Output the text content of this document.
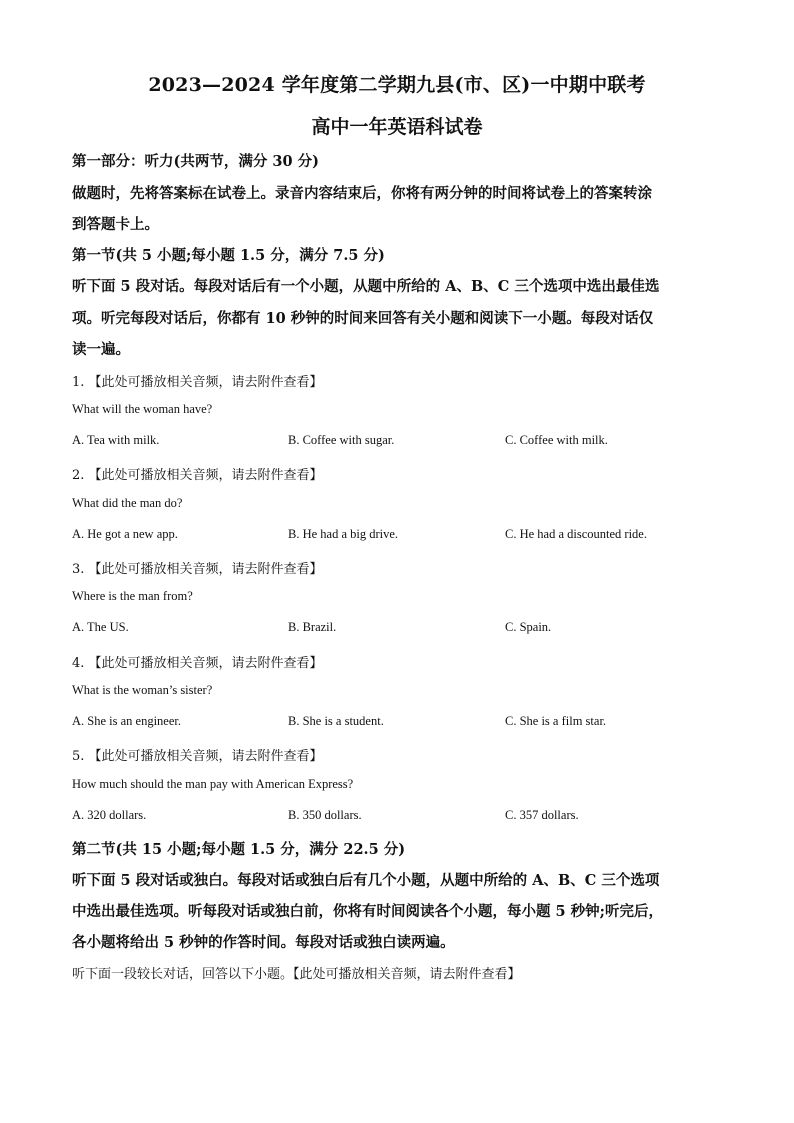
2023—2024 学年度第二学期九县(市、区)一中期中联考
高中一年英语科试卷
第一部分：听力(共两节，满分 30 分)
做题时，先将答案标在试卷上。录音内容结束后，你将有两分钟的时间将试卷上的答案转涂
到答题卡上。
第一节(共 5 小题;每小题 1.5 分，满分 7.5 分)
听下面 5 段对话。每段对话后有一个小题，从题中所给的 A、B、C 三个选项中选出最佳选
项。听完每段对话后，你都有 10 秒钟的时间来回答有关小题和阅读下一小题。每段对话仅
读一遍。
1. 【此处可播放相关音频，请去附件查看】
What will the woman have?
A. Tea with milk.	B. Coffee with sugar.	C. Coffee with milk.
2. 【此处可播放相关音频，请去附件查看】
What did the man do?
A. He got a new app.	B. He had a big drive.	C. He had a discounted ride.
3. 【此处可播放相关音频，请去附件查看】
Where is the man from?
A. The US.	B. Brazil.	C. Spain.
4. 【此处可播放相关音频，请去附件查看】
What is the woman’s sister?
A. She is an engineer.	B. She is a student.	C. She is a film star.
5. 【此处可播放相关音频，请去附件查看】
How much should the man pay with American Express?
A. 320 dollars.	B. 350 dollars.	C. 357 dollars.
第二节(共 15 小题;每小题 1.5 分，满分 22.5 分)
听下面 5 段对话或独白。每段对话或独白后有几个小题，从题中所给的 A、B、C 三个选项
中选出最佳选项。听每段对话或独白前，你将有时间阅读各个小题，每小题 5 秒钟;听完后，
各小题将给出 5 秒钟的作答时间。每段对话或独白读两遍。
听下面一段较长对话，回答以下小题。【此处可播放相关音频，请去附件查看】
